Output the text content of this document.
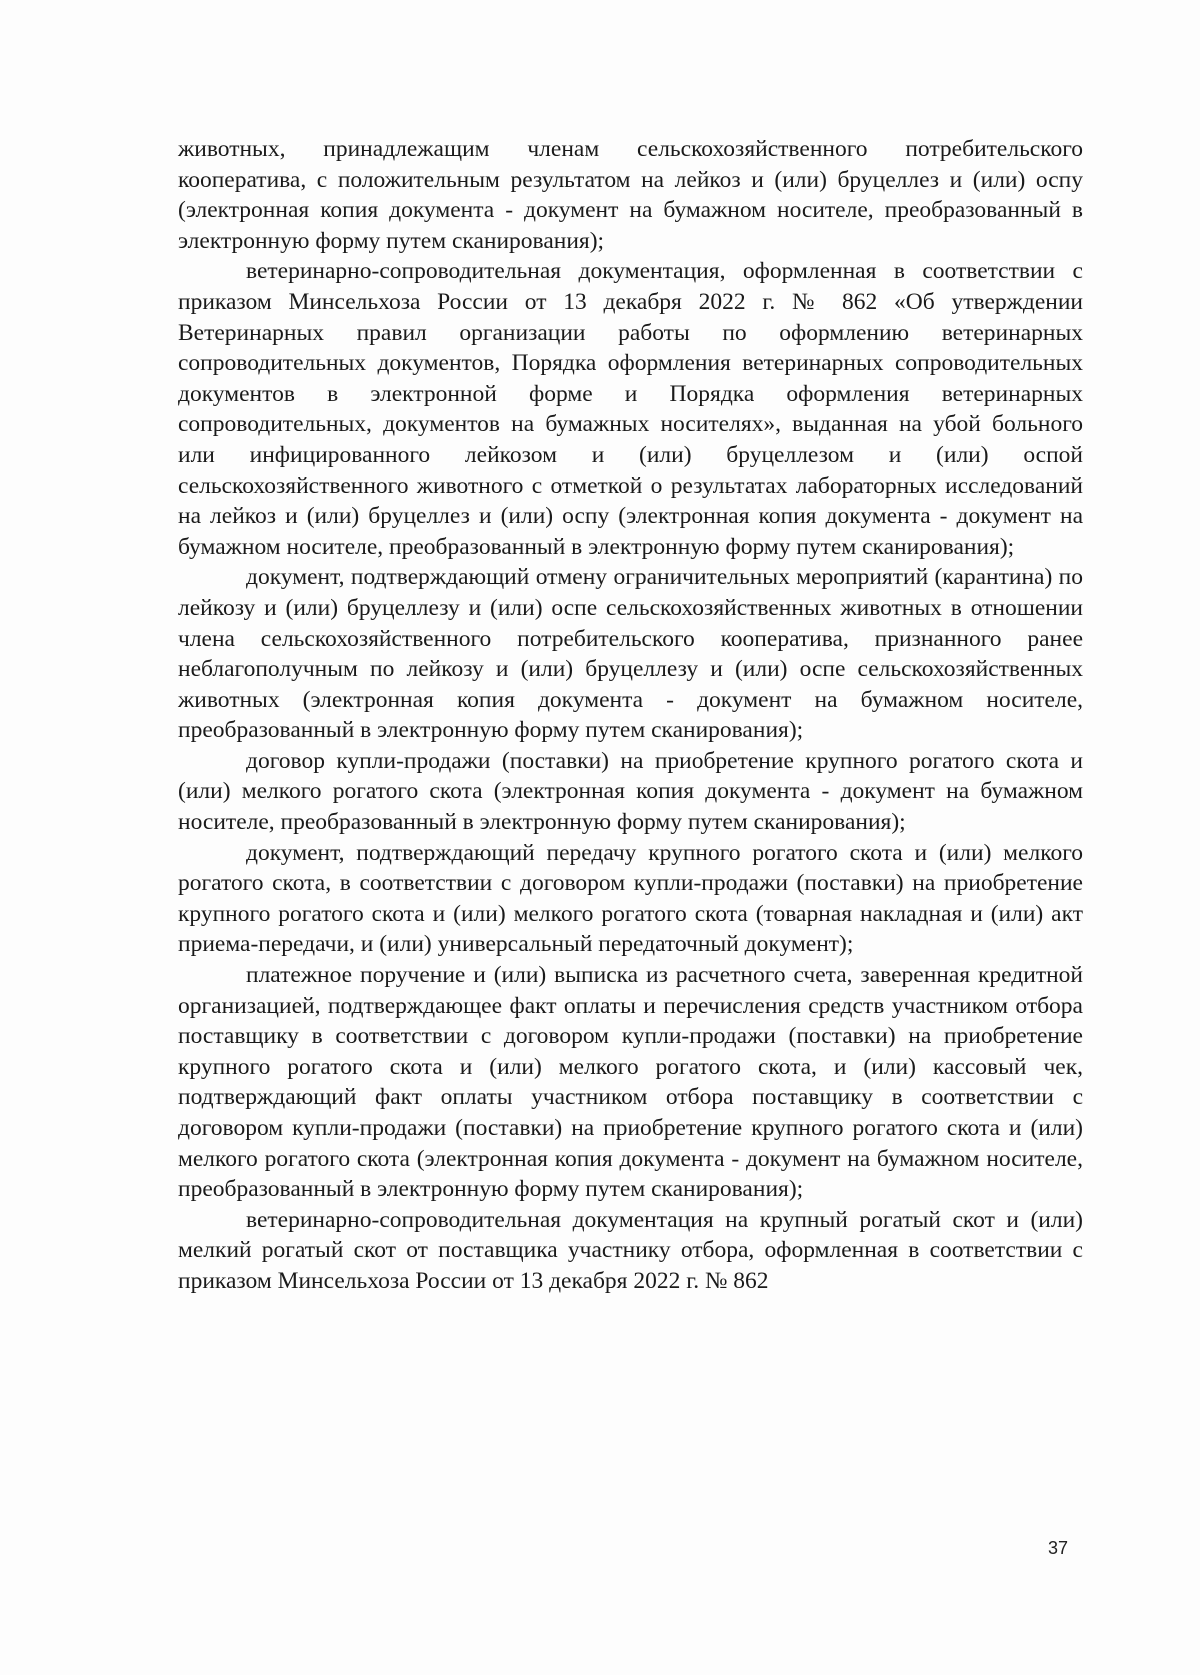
животных, принадлежащим членам сельскохозяйственного потребительского кооператива, с положительным результатом на лейкоз и (или) бруцеллез и (или) оспу (электронная копия документа - документ на бумажном носителе, преобразованный в электронную форму путем сканирования);

ветеринарно-сопроводительная документация, оформленная в соответствии с приказом Минсельхоза России от 13 декабря 2022 г. № 862 «Об утверждении Ветеринарных правил организации работы по оформлению ветеринарных сопроводительных документов, Порядка оформления ветеринарных сопроводительных документов в электронной форме и Порядка оформления ветеринарных сопроводительных, документов на бумажных носителях», выданная на убой больного или инфицированного лейкозом и (или) бруцеллезом и (или) оспой сельскохозяйственного животного с отметкой о результатах лабораторных исследований на лейкоз и (или) бруцеллез и (или) оспу (электронная копия документа - документ на бумажном носителе, преобразованный в электронную форму путем сканирования);

документ, подтверждающий отмену ограничительных мероприятий (карантина) по лейкозу и (или) бруцеллезу и (или) оспе сельскохозяйственных животных в отношении члена сельскохозяйственного потребительского кооператива, признанного ранее неблагополучным по лейкозу и (или) бруцеллезу и (или) оспе сельскохозяйственных животных (электронная копия документа - документ на бумажном носителе, преобразованный в электронную форму путем сканирования);

договор купли-продажи (поставки) на приобретение крупного рогатого скота и (или) мелкого рогатого скота (электронная копия документа - документ на бумажном носителе, преобразованный в электронную форму путем сканирования);

документ, подтверждающий передачу крупного рогатого скота и (или) мелкого рогатого скота, в соответствии с договором купли-продажи (поставки) на приобретение крупного рогатого скота и (или) мелкого рогатого скота (товарная накладная и (или) акт приема-передачи, и (или) универсальный передаточный документ);

платежное поручение и (или) выписка из расчетного счета, заверенная кредитной организацией, подтверждающее факт оплаты и перечисления средств участником отбора поставщику в соответствии с договором купли-продажи (поставки) на приобретение крупного рогатого скота и (или) мелкого рогатого скота, и (или) кассовый чек, подтверждающий факт оплаты участником отбора поставщику в соответствии с договором купли-продажи (поставки) на приобретение крупного рогатого скота и (или) мелкого рогатого скота (электронная копия документа - документ на бумажном носителе, преобразованный в электронную форму путем сканирования);

ветеринарно-сопроводительная документация на крупный рогатый скот и (или) мелкий рогатый скот от поставщика участнику отбора, оформленная в соответствии с приказом Минсельхоза России от 13 декабря 2022 г. № 862

37
